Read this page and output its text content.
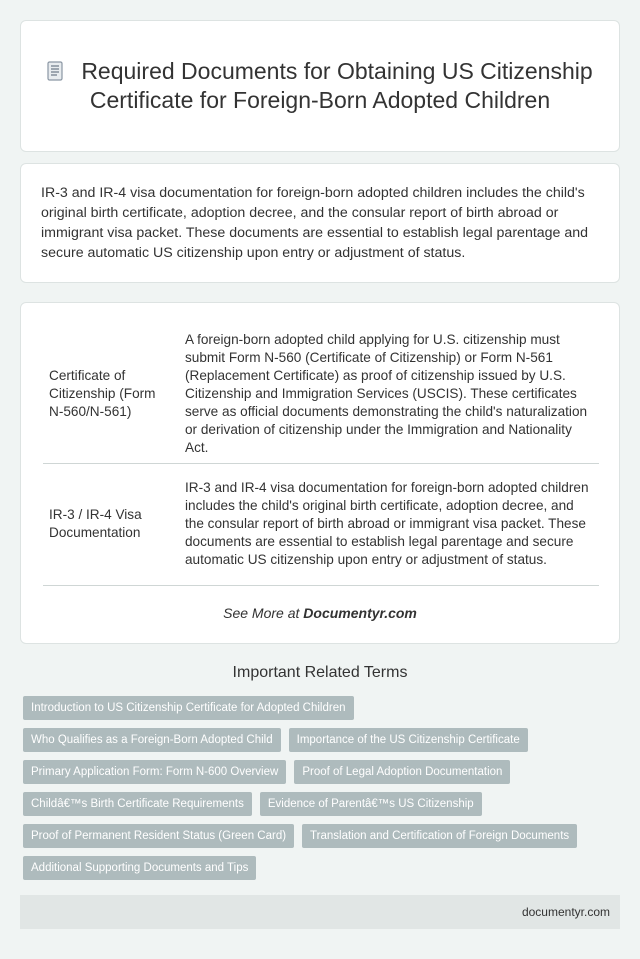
Required Documents for Obtaining US Citizenship Certificate for Foreign-Born Adopted Children

IR-3 and IR-4 visa documentation for foreign-born adopted children includes the child's original birth certificate, adoption decree, and the consular report of birth abroad or immigrant visa packet. These documents are essential to establish legal parentage and secure automatic US citizenship upon entry or adjustment of status.

Certificate of Citizenship (Form N-560/N-561)	A foreign-born adopted child applying for U.S. citizenship must submit Form N-560 (Certificate of Citizenship) or Form N-561 (Replacement Certificate) as proof of citizenship issued by U.S. Citizenship and Immigration Services (USCIS). These certificates serve as official documents demonstrating the child's naturalization or derivation of citizenship under the Immigration and Nationality Act.
IR-3 / IR-4 Visa Documentation	IR-3 and IR-4 visa documentation for foreign-born adopted children includes the child's original birth certificate, adoption decree, and the consular report of birth abroad or immigrant visa packet. These documents are essential to establish legal parentage and secure automatic US citizenship upon entry or adjustment of status.
See More at Documentyr.com
Important Related Terms
Introduction to US Citizenship Certificate for Adopted Children
Who Qualifies as a Foreign-Born Adopted Child	Importance of the US Citizenship Certificate
Primary Application Form: Form N-600 Overview	Proof of Legal Adoption Documentation
Childâ€™s Birth Certificate Requirements	Evidence of Parentâ€™s US Citizenship
Proof of Permanent Resident Status (Green Card)	Translation and Certification of Foreign Documents
Additional Supporting Documents and Tips
documentyr.com
